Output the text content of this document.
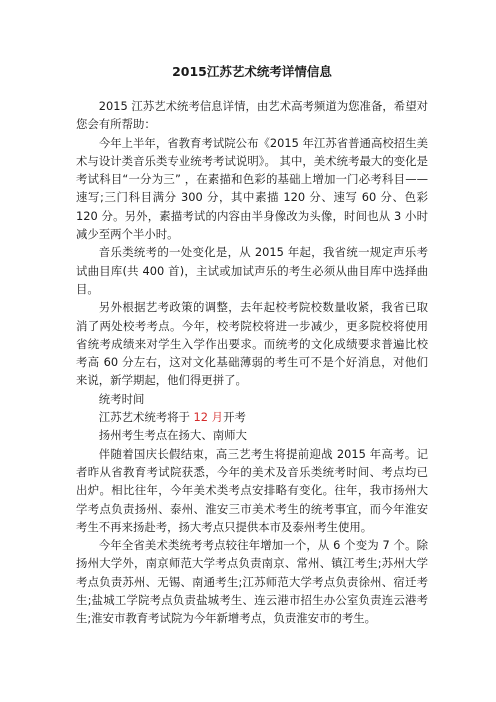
2015江苏艺术统考详情信息

2015 江苏艺术统考信息详情，由艺术高考频道为您准备，希望对您会有所帮助：

今年上半年，省教育考试院公布《2015 年江苏省普通高校招生美术与设计类音乐类专业统考考试说明》。 其中，美术统考最大的变化是考试科目“一分为三” ，在素描和色彩的基础上增加一门必考科目——速写;三门科目满分 300 分，其中素描 120 分、速写 60 分、色彩120 分。另外，素描考试的内容由半身像改为头像，时间也从 3 小时减少至两个半小时。

音乐类统考的一处变化是，从 2015 年起，我省统一规定声乐考试曲目库(共 400 首)，主试或加试声乐的考生必须从曲目库中选择曲目。

另外根据艺考政策的调整，去年起校考院校数量收紧，我省已取消了两处校考考点。今年，校考院校将进一步减少，更多院校将使用省统考成绩来对学生入学作出要求。而统考的文化成绩要求普遍比校考高 60 分左右，这对文化基础薄弱的考生可不是个好消息，对他们来说，新学期起，他们得更拼了。

统考时间

江苏艺术统考将于 12 月开考

扬州考生考点在扬大、南师大

伴随着国庆长假结束，高三艺考生将提前迎战 2015 年高考。记者昨从省教育考试院获悉，今年的美术及音乐类统考时间、考点均已出炉。相比往年，今年美术类考点安排略有变化。往年，我市扬州大学考点负责扬州、泰州、淮安三市美术考生的统考事宜，而今年淮安考生不再来扬赴考，扬大考点只提供本市及泰州考生使用。

今年全省美术类统考考点较往年增加一个，从 6 个变为 7 个。除扬州大学外，南京师范大学考点负责南京、常州、镇江考生;苏州大学考点负责苏州、无锡、南通考生;江苏师范大学考点负责徐州、宿迁考生;盐城工学院考点负责盐城考生、连云港市招生办公室负责连云港考生;淮安市教育考试院为今年新增考点，负责淮安市的考生。
